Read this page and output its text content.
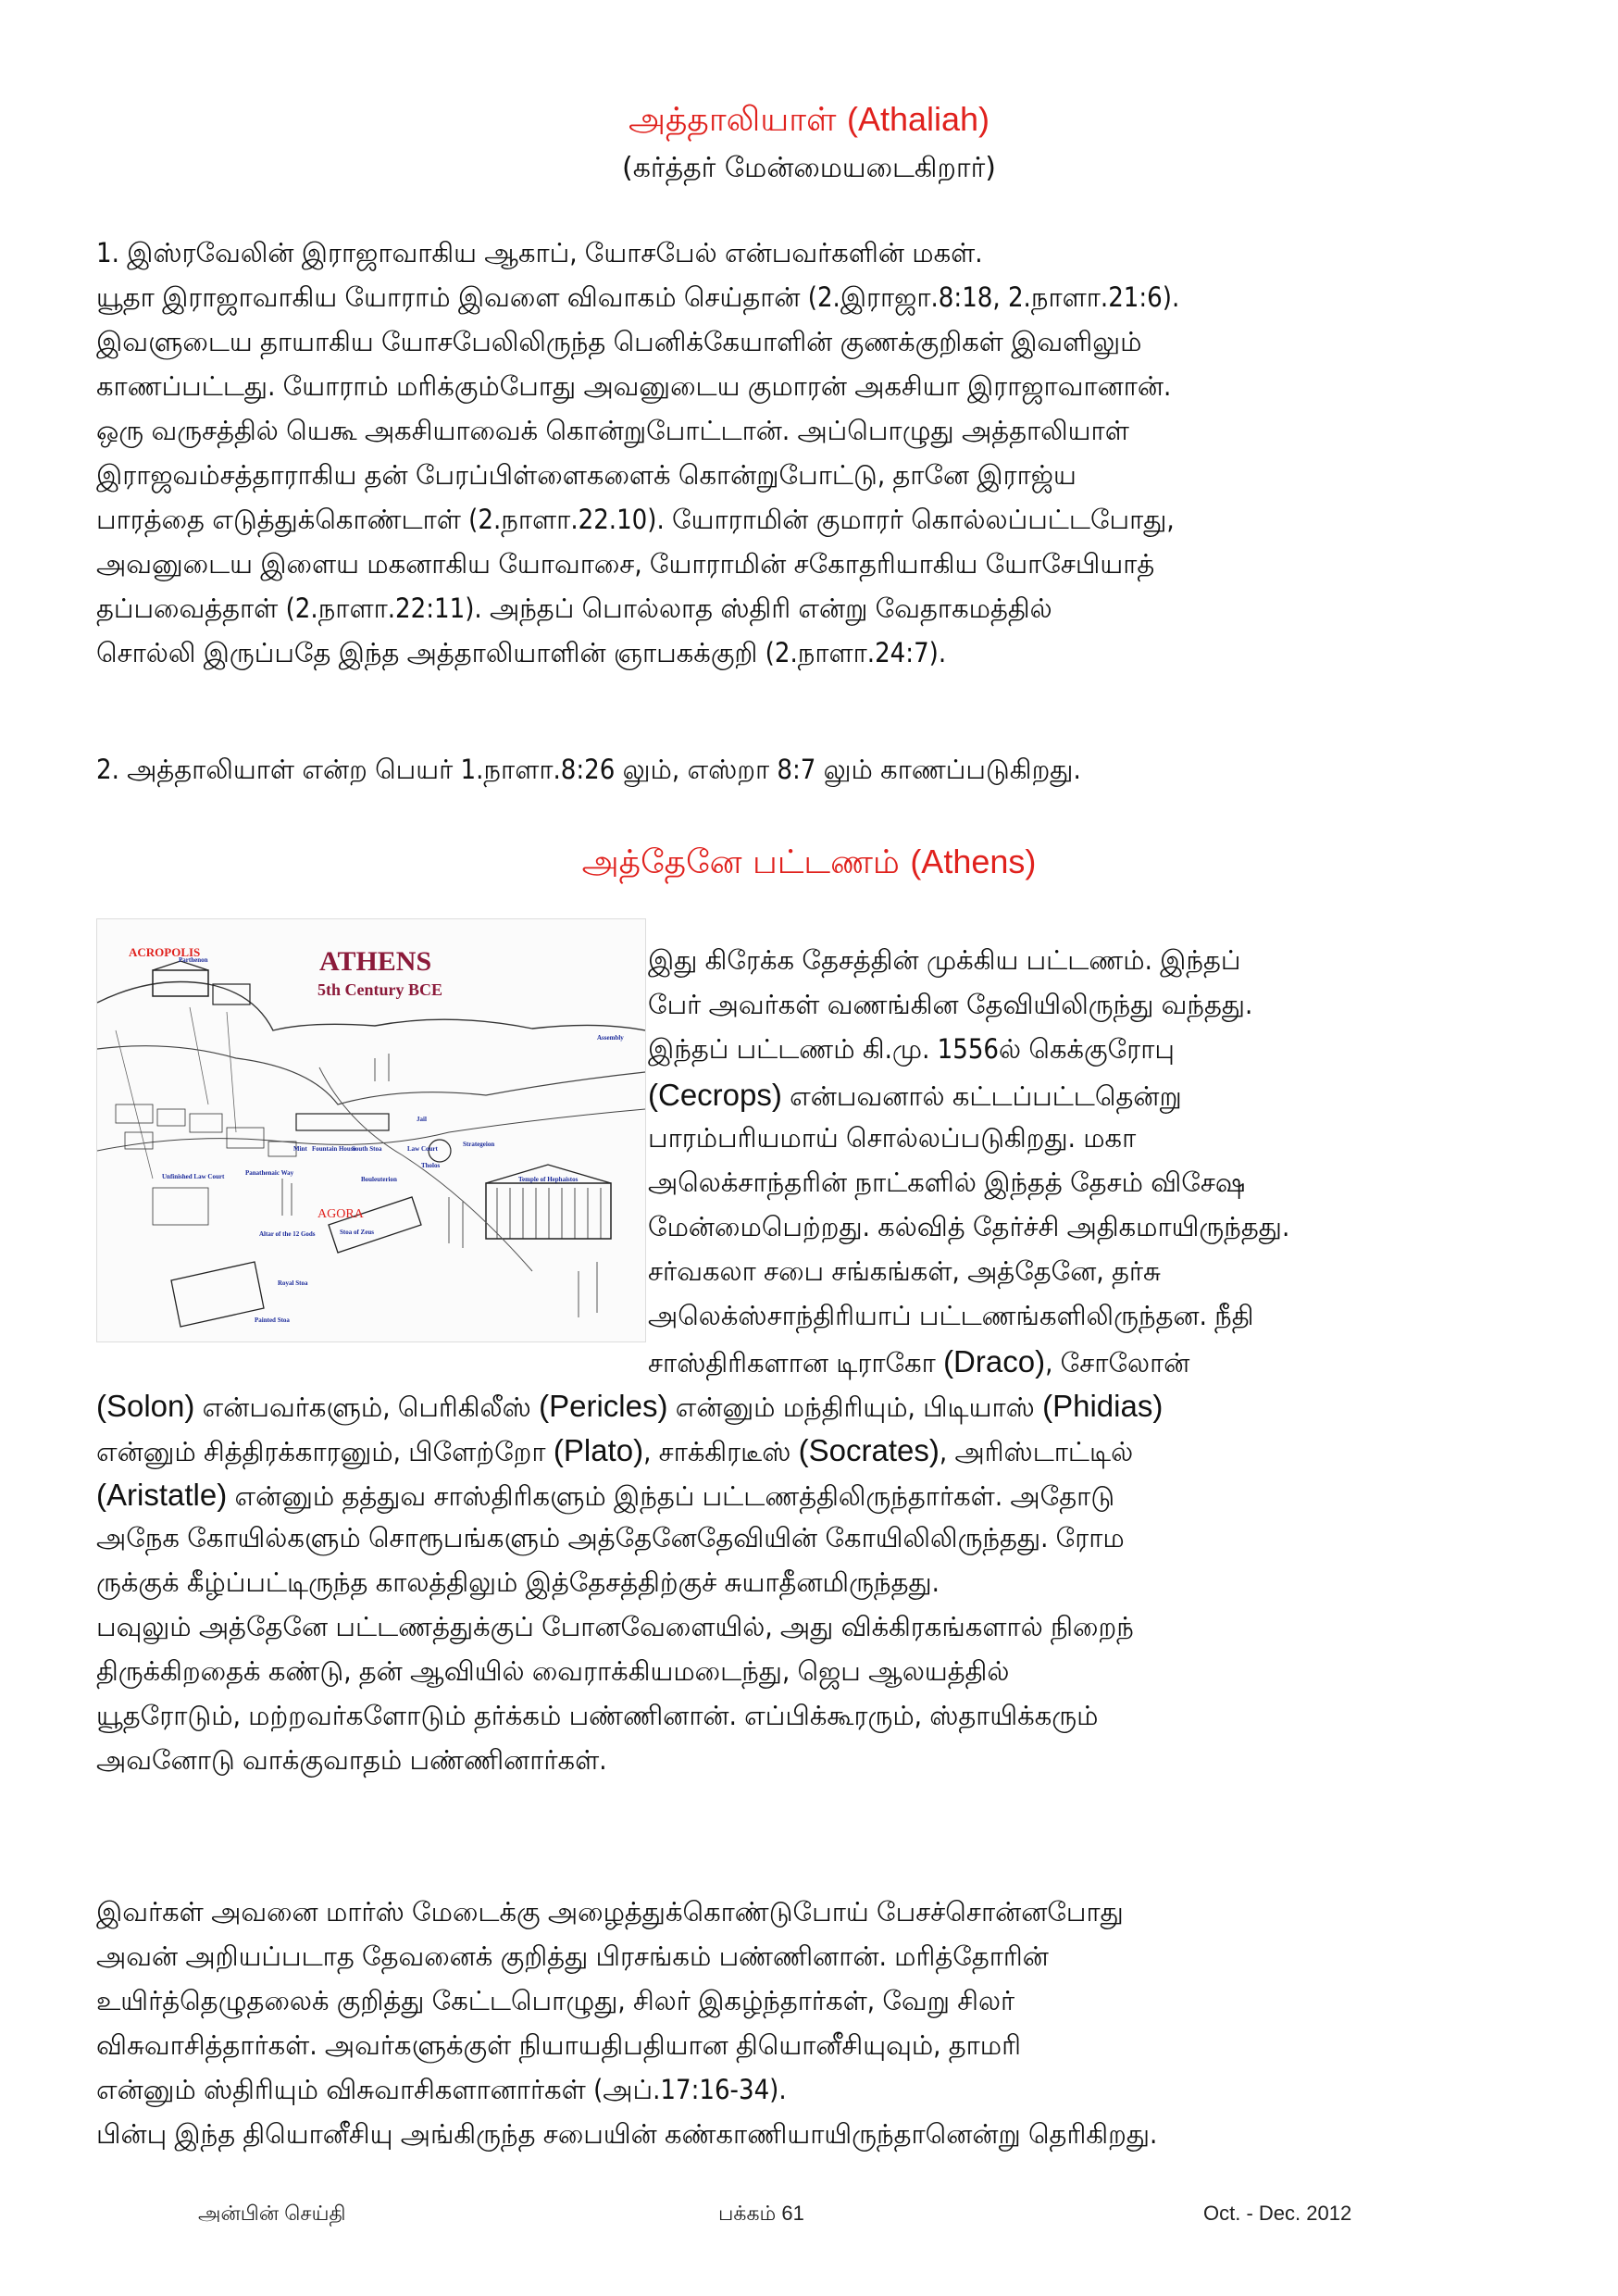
அத்தாலியாள் (Athaliah)
(கர்த்தர் மேன்மையடைகிறார்)
1. இஸ்ரவேலின் இராஜாவாகிய ஆகாப், யோசபேல் என்பவர்களின் மகள்.
யூதா இராஜாவாகிய யோராம் இவளை விவாகம் செய்தான் (2.இராஜா.8:18, 2.நாளா.21:6).
இவளுடைய தாயாகிய யோசபேலிலிருந்த பெனிக்கேயாளின் குணக்குறிகள் இவளிலும்
காணப்பட்டது. யோராம் மரிக்கும்போது அவனுடைய குமாரன் அகசியா இராஜாவானான்.
ஒரு வருசத்தில் யெகூ அகசியாவைக் கொன்றுபோட்டான். அப்பொழுது அத்தாலியாள்
இராஜவம்சத்தாராகிய தன் பேரப்பிள்ளைகளைக் கொன்றுபோட்டு, தானே இராஜ்ய
பாரத்தை எடுத்துக்கொண்டாள் (2.நாளா.22.10). யோராமின் குமாரர் கொல்லப்பட்டபோது,
அவனுடைய இளைய மகனாகிய யோவாசை, யோராமின் சகோதரியாகிய யோசேபியாத்
தப்பவைத்தாள் (2.நாளா.22:11). அந்தப் பொல்லாத ஸ்திரி என்று வேதாகமத்தில்
சொல்லி இருப்பதே இந்த அத்தாலியாளின் ஞாபகக்குறி (2.நாளா.24:7).
2. அத்தாலியாள் என்ற பெயர் 1.நாளா.8:26 லும், எஸ்றா 8:7 லும் காணப்படுகிறது.
அத்தேனே பட்டணம் (Athens)
ACROPOLIS	ATHENS
5th Century BCE
AGORA
Parthenon
Assembly
Jail
Mint Fountain House
South Stoa	Law Court
Strategeion
Tholos
Unfinished Law Court	Panathenaic Way
Bouleuterion	Temple of Hephaistos
Altar of the 12 Gods	Stoa of Zeus
Royal Stoa
Painted Stoa
இது கிரேக்க தேசத்தின் முக்கிய பட்டணம். இந்தப்
பேர் அவர்கள் வணங்கின தேவியிலிருந்து வந்தது.
இந்தப் பட்டணம் கி.மு. 1556ல் கெக்குரோபு
(Cecrops) என்பவனால் கட்டப்பட்டதென்று
பாரம்பரியமாய் சொல்லப்படுகிறது. மகா
அலெக்சாந்தரின் நாட்களில் இந்தத் தேசம் விசேஷ
மேன்மைபெற்றது. கல்வித் தேர்ச்சி அதிகமாயிருந்தது.
சர்வகலா சபை சங்கங்கள், அத்தேனே, தர்சு
அலெக்ஸ்சாந்திரியாப் பட்டணங்களிலிருந்தன. நீதி
சாஸ்திரிகளான டிராகோ (Draco), சோலோன்
(Solon) என்பவர்களும், பெரிகிலீஸ் (Pericles) என்னும் மந்திரியும், பிடியாஸ் (Phidias)
என்னும் சித்திரக்காரனும், பிளேற்றோ (Plato), சாக்கிரடீஸ் (Socrates), அரிஸ்டாட்டில்
(Aristatle) என்னும் தத்துவ சாஸ்திரிகளும் இந்தப் பட்டணத்திலிருந்தார்கள். அதோடு
அநேக கோயில்களும் சொரூபங்களும் அத்தேனேதேவியின் கோயிலிலிருந்தது. ரோம
ருக்குக் கீழ்ப்பட்டிருந்த காலத்திலும் இத்தேசத்திற்குச் சுயாதீனமிருந்தது.
பவுலும் அத்தேனே பட்டணத்துக்குப் போனவேளையில், அது விக்கிரகங்களால் நிறைந்
திருக்கிறதைக் கண்டு, தன் ஆவியில் வைராக்கியமடைந்து, ஜெப ஆலயத்தில்
யூதரோடும், மற்றவர்களோடும் தர்க்கம் பண்ணினான். எப்பிக்கூரரும், ஸ்தாயிக்கரும்
அவனோடு வாக்குவாதம் பண்ணினார்கள்.
இவர்கள் அவனை மார்ஸ் மேடைக்கு அழைத்துக்கொண்டுபோய் பேசச்சொன்னபோது
அவன் அறியப்படாத தேவனைக் குறித்து பிரசங்கம் பண்ணினான். மரித்தோரின்
உயிர்த்தெழுதலைக் குறித்து கேட்டபொழுது, சிலர் இகழ்ந்தார்கள், வேறு சிலர்
விசுவாசித்தார்கள். அவர்களுக்குள் நியாயதிபதியான தியொனீசியுவும், தாமரி
என்னும் ஸ்திரியும் விசுவாசிகளானார்கள் (அப்.17:16-34).
பின்பு இந்த தியொனீசியு அங்கிருந்த சபையின் கண்காணியாயிருந்தானென்று தெரிகிறது.
அன்பின் செய்தி	பக்கம் 61	Oct. - Dec. 2012
